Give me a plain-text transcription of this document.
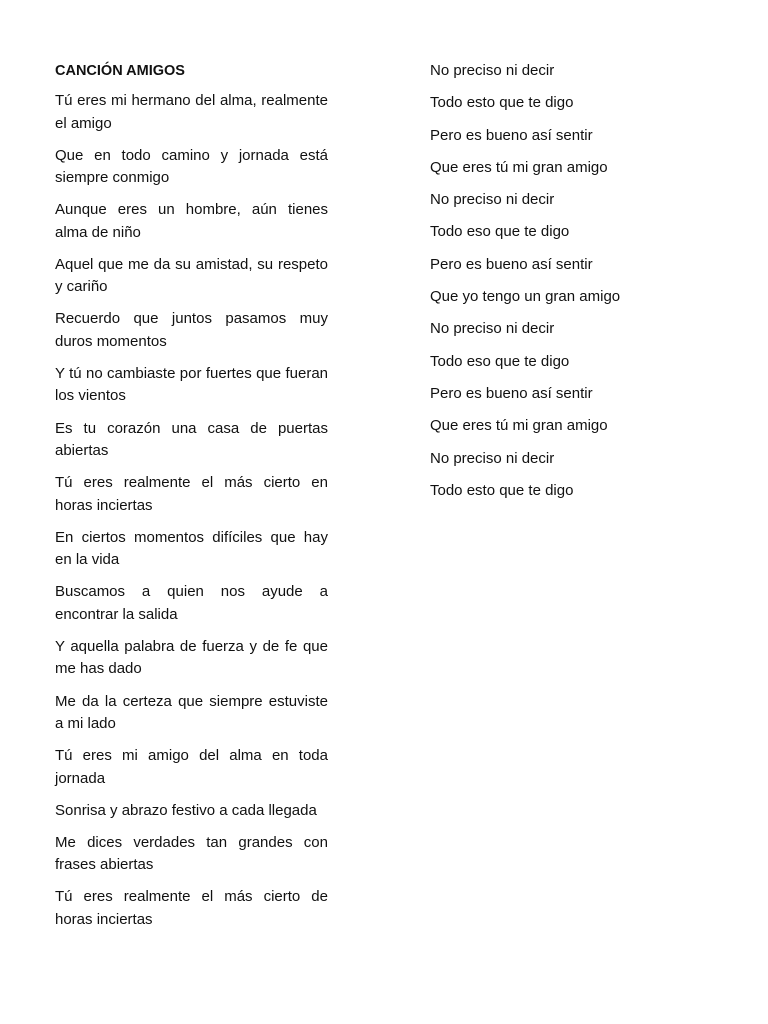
CANCIÓN AMIGOS
Tú eres mi hermano del alma, realmente el amigo
Que en todo camino y jornada está siempre conmigo
Aunque eres un hombre, aún tienes alma de niño
Aquel que me da su amistad, su respeto y cariño
Recuerdo que juntos pasamos muy duros momentos
Y tú no cambiaste por fuertes que fueran los vientos
Es tu corazón una casa de puertas abiertas
Tú eres realmente el más cierto en horas inciertas
En ciertos momentos difíciles que hay en la vida
Buscamos a quien nos ayude a encontrar la salida
Y aquella palabra de fuerza y de fe que me has dado
Me da la certeza que siempre estuviste a mi lado
Tú eres mi amigo del alma en toda jornada
Sonrisa y abrazo festivo a cada llegada
Me dices verdades tan grandes con frases abiertas
Tú eres realmente el más cierto de horas inciertas
No preciso ni decir
Todo esto que te digo
Pero es bueno así sentir
Que eres tú mi gran amigo
No preciso ni decir
Todo eso que te digo
Pero es bueno así sentir
Que yo tengo un gran amigo
No preciso ni decir
Todo eso que te digo
Pero es bueno así sentir
Que eres tú mi gran amigo
No preciso ni decir
Todo esto que te digo
